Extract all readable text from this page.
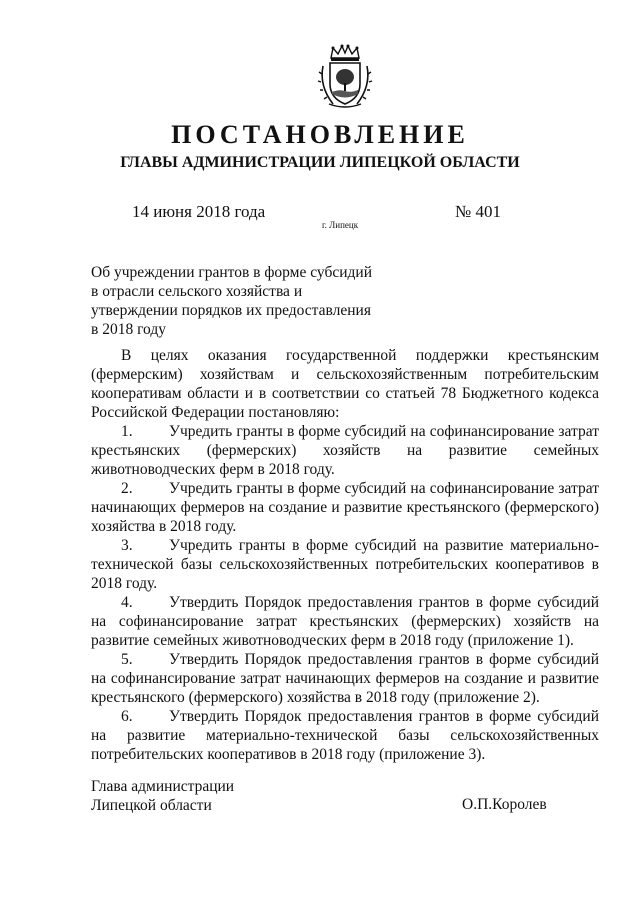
ПОСТАНОВЛЕНИЕ
ГЛАВЫ АДМИНИСТРАЦИИ ЛИПЕЦКОЙ ОБЛАСТИ
14 июня 2018 года
г. Липецк
№ 401
Об учреждении грантов в форме субсидий
в отрасли сельского хозяйства и
утверждении порядков их предоставления
в 2018 году

В целях оказания государственной поддержки крестьянским (фермерским) хозяйствам и сельскохозяйственным потребительским кооперативам области и в соответствии со статьей 78 Бюджетного кодекса Российской Федерации постановляю:

1. Учредить гранты в форме субсидий на софинансирование затрат крестьянских (фермерских) хозяйств на развитие семейных животноводческих ферм в 2018 году.
2. Учредить гранты в форме субсидий на софинансирование затрат начинающих фермеров на создание и развитие крестьянского (фермерского) хозяйства в 2018 году.
3. Учредить гранты в форме субсидий на развитие материально-технической базы сельскохозяйственных потребительских кооперативов в 2018 году.
4. Утвердить Порядок предоставления грантов в форме субсидий на софинансирование затрат крестьянских (фермерских) хозяйств на развитие семейных животноводческих ферм в 2018 году (приложение 1).
5. Утвердить Порядок предоставления грантов в форме субсидий на софинансирование затрат начинающих фермеров на создание и развитие крестьянского (фермерского) хозяйства в 2018 году (приложение 2).
6. Утвердить Порядок предоставления грантов в форме субсидий на развитие материально-технической базы сельскохозяйственных потребительских кооперативов в 2018 году (приложение 3).
Глава администрации
Липецкой области	О.П.Королев
